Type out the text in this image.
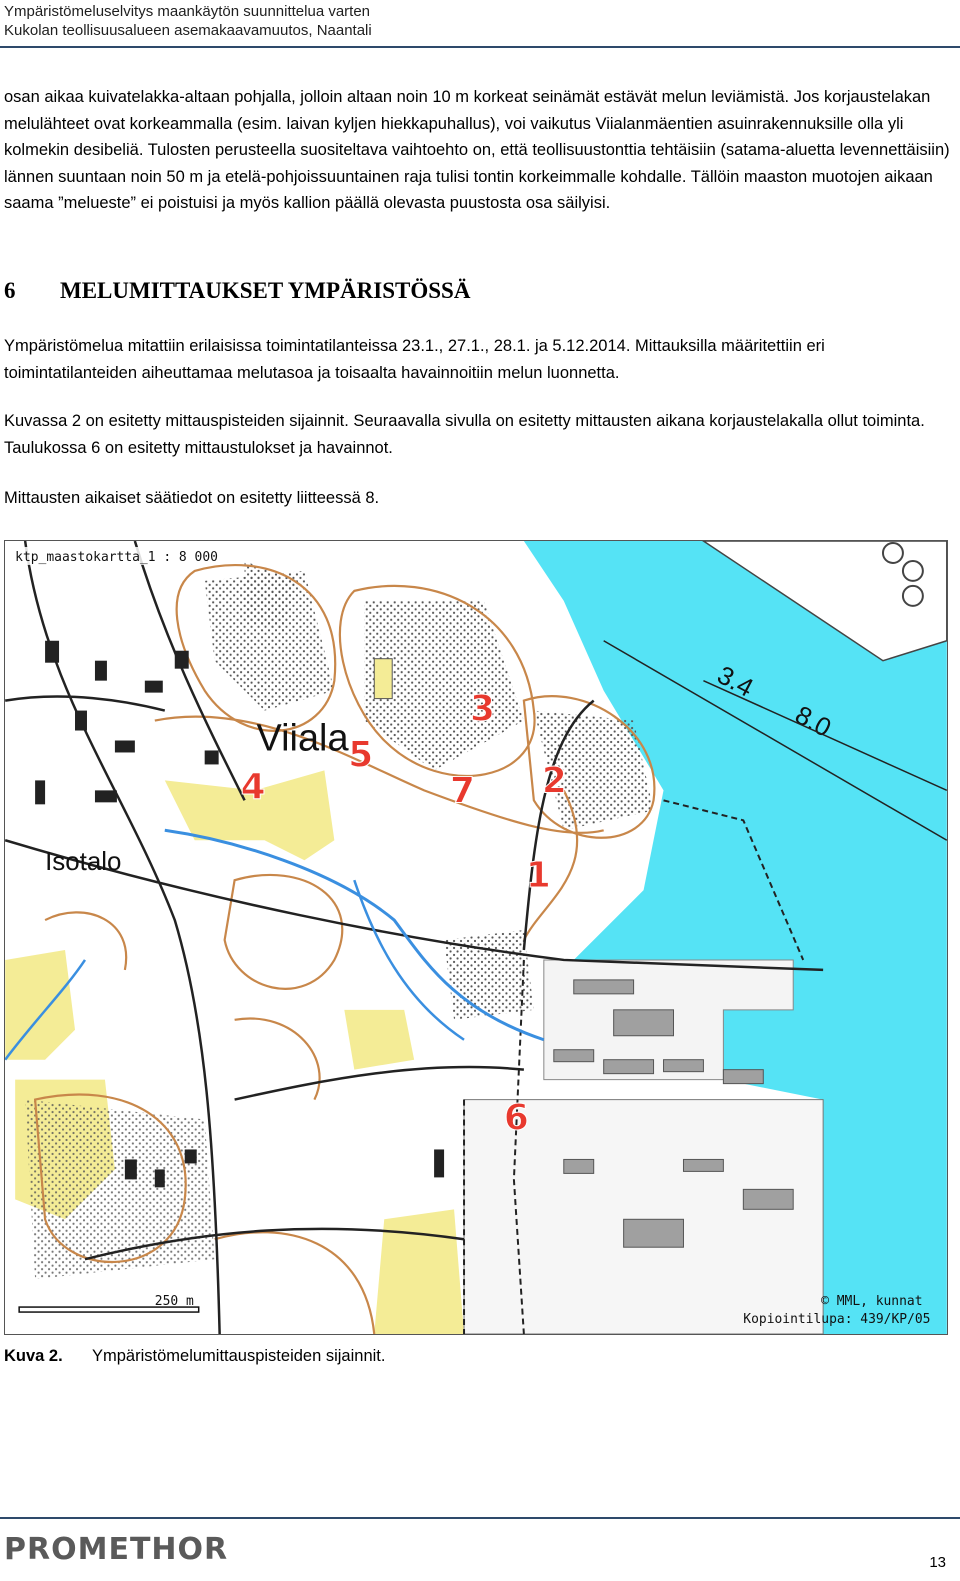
Ympäristömeluselvitys maankäytön suunnittelua varten
Kukolan teollisuusalueen asemakaavamuutos, Naantali

osan aikaa kuivatelakka-altaan pohjalla, jolloin altaan noin 10 m korkeat seinämät estävät melun leviämistä. Jos korjaustelakan melulähteet ovat korkeammalla (esim. laivan kyljen hiekkapuhallus), voi vaikutus Viialanmäentien asuinrakennuksille olla yli kolmekin desibeliä. Tulosten perusteella suositeltava vaihtoehto on, että teollisuustonttia tehtäisiin (satama-aluetta levennettäisiin) lännen suuntaan noin 50 m ja etelä-pohjoissuuntainen raja tulisi tontin korkeimmalle kohdalle. Tällöin maaston muotojen aikaan saama ”melueste” ei poistuisi ja myös kallion päällä olevasta puustosta osa säilyisi.

6 MELUMITTAUKSET YMPÄRISTÖSSÄ

Ympäristömelua mitattiin erilaisissa toimintatilanteissa 23.1., 27.1., 28.1. ja 5.12.2014. Mittauksilla määritettiin eri toimintatilanteiden aiheuttamaa melutasoa ja toisaalta havainnoitiin melun luonnetta.

Kuvassa 2 on esitetty mittauspisteiden sijainnit. Seuraavalla sivulla on esitetty mittausten aikana korjaustelakalla ollut toiminta. Taulukossa 6 on esitetty mittaustulokset ja havainnot.

Mittausten aikaiset säätiedot on esitetty liitteessä 8.

Viiala
Isotalo
3.4
8.0
1
2
3
4
5
6
7
ktp_maastokartta_1 : 8 000
250 m	© MML, kunnat
Kopiointilupa: 439/KP/05
Kuva 2. Ympäristömelumittauspisteiden sijainnit.
PROMETHOR	13
